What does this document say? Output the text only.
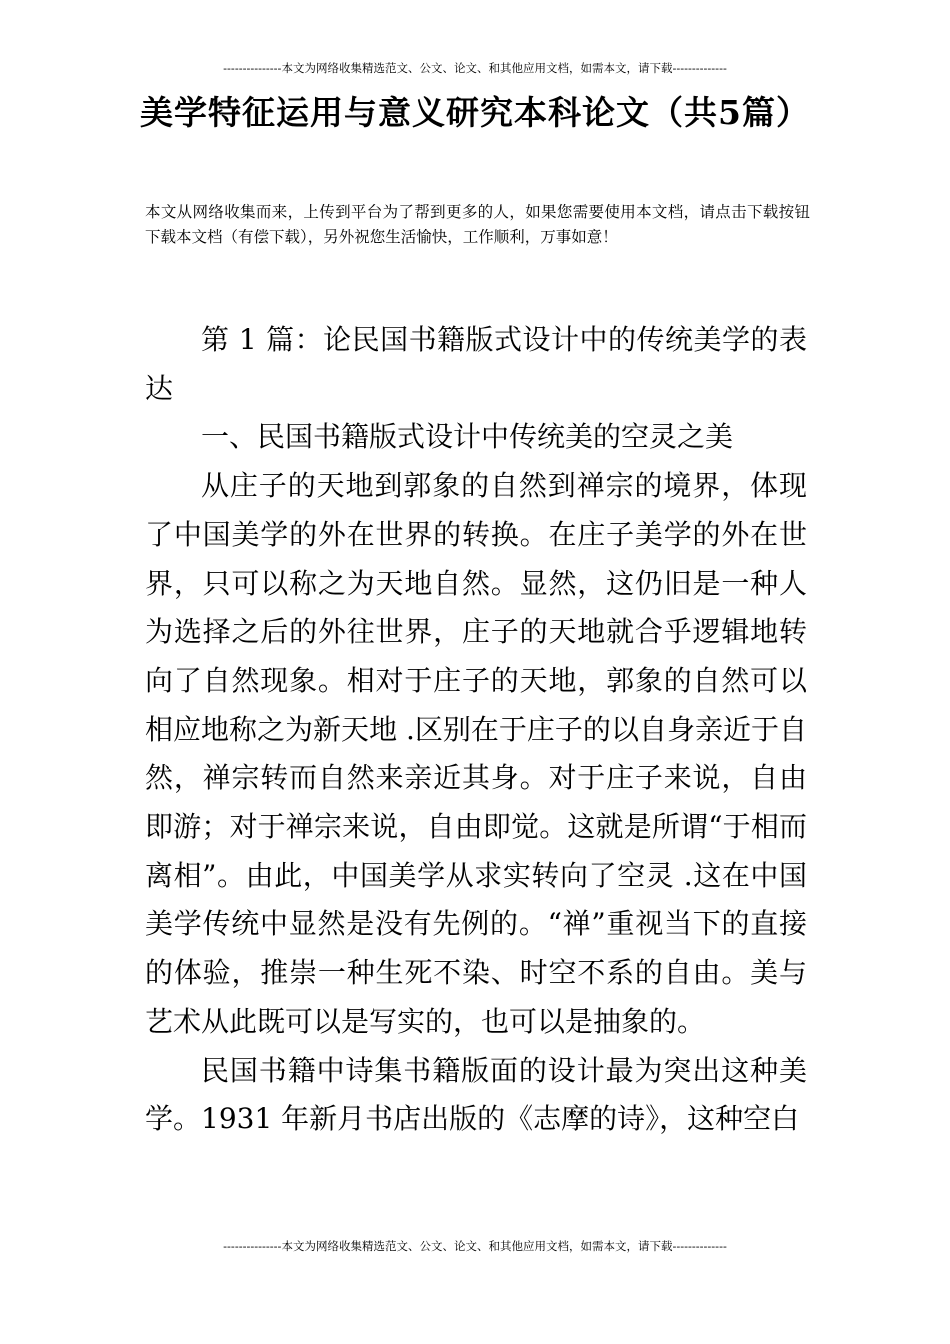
---------------本文为网络收集精选范文、公文、论文、和其他应用文档，如需本文，请下载--------------
美学特征运用与意义研究本科论文（共5篇）
本文从网络收集而来，上传到平台为了帮到更多的人，如果您需要使用本文档，请点击下载按钮下载本文档（有偿下载），另外祝您生活愉快，工作顺利，万事如意！

第 1 篇：论民国书籍版式设计中的传统美学的表达

一、民国书籍版式设计中传统美的空灵之美

从庄子的天地到郭象的自然到禅宗的境界，体现了中国美学的外在世界的转换。在庄子美学的外在世界，只可以称之为天地自然。显然，这仍旧是一种人为选择之后的外往世界，庄子的天地就合乎逻辑地转向了自然现象。相对于庄子的天地，郭象的自然可以相应地称之为新天地 .区别在于庄子的以自身亲近于自然，禅宗转而自然来亲近其身。对于庄子来说，自由即游；对于禅宗来说，自由即觉。这就是所谓“于相而离相”。由此，中国美学从求实转向了空灵 .这在中国美学传统中显然是没有先例的。“禅”重视当下的直接的体验，推崇一种生死不染、时空不系的自由。美与艺术从此既可以是写实的，也可以是抽象的。

民国书籍中诗集书籍版面的设计最为突出这种美学。1931 年新月书店出版的《志摩的诗》，这种空白

---------------本文为网络收集精选范文、公文、论文、和其他应用文档，如需本文，请下载--------------
